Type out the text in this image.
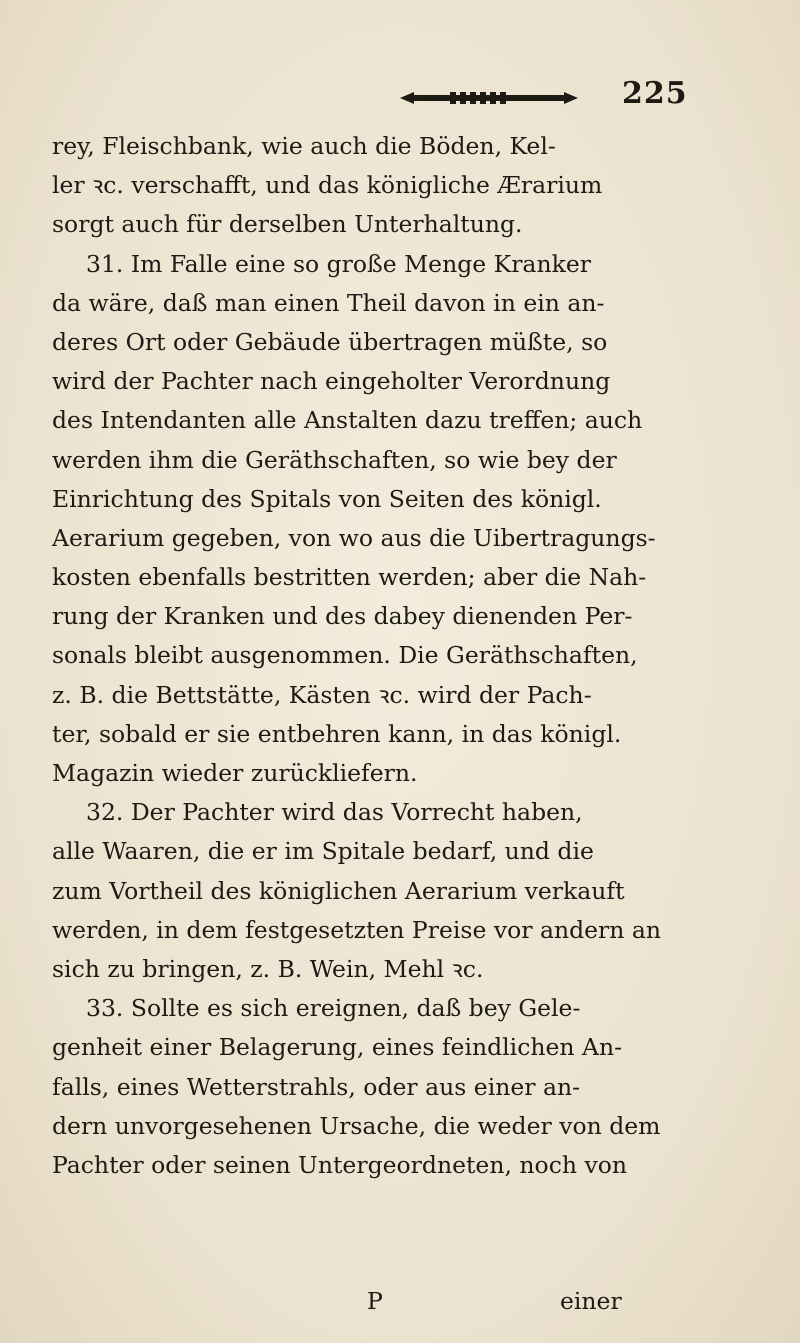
225
rey, Fleischbank, wie auch die Böden, Kel-
ler ꝛc. verschafft, und das königliche Ærarium
sorgt auch für derselben Unterhaltung.
31. Im Falle eine so große Menge Kranker
da wäre, daß man einen Theil davon in ein an-
deres Ort oder Gebäude übertragen müßte, so
wird der Pachter nach eingeholter Verordnung
des Intendanten alle Anstalten dazu treffen; auch
werden ihm die Geräthschaften, so wie bey der
Einrichtung des Spitals von Seiten des königl.
Aerarium gegeben, von wo aus die Uibertragungs-
kosten ebenfalls bestritten werden; aber die Nah-
rung der Kranken und des dabey dienenden Per-
sonals bleibt ausgenommen. Die Geräthschaften,
z. B. die Bettstätte, Kästen ꝛc. wird der Pach-
ter, sobald er sie entbehren kann, in das königl.
Magazin wieder zurückliefern.
32. Der Pachter wird das Vorrecht haben,
alle Waaren, die er im Spitale bedarf, und die
zum Vortheil des königlichen Aerarium verkauft
werden, in dem festgesetzten Preise vor andern an
sich zu bringen, z. B. Wein, Mehl ꝛc.
33. Sollte es sich ereignen, daß bey Gele-
genheit einer Belagerung, eines feindlichen An-
falls, eines Wetterstrahls, oder aus einer an-
dern unvorgesehenen Ursache, die weder von dem
Pachter oder seinen Untergeordneten, noch von
P	einer
